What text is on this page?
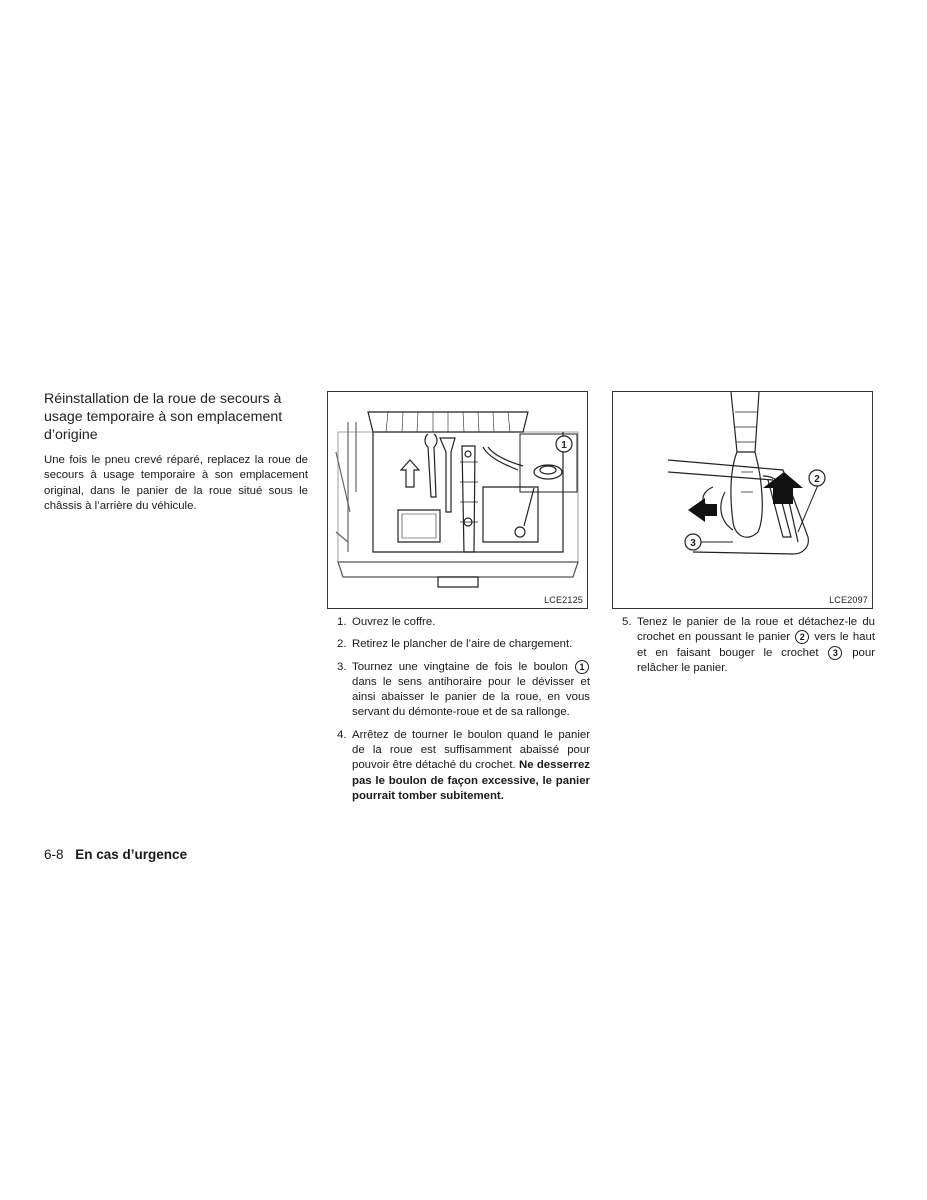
Réinstallation de la roue de secours à usage temporaire à son emplacement d’origine

Une fois le pneu crevé réparé, replacez la roue de secours à usage temporaire à son emplacement original, dans le panier de la roue situé sous le châssis à l’arrière du véhicule.

1
LCE2125
1. Ouvrez le coffre.
2. Retirez le plancher de l’aire de chargement.
3. Tournez une vingtaine de fois le boulon 1 dans le sens antihoraire pour le dévisser et ainsi abaisser le panier de la roue, en vous servant du démonte-roue et de sa rallonge.
4. Arrêtez de tourner le boulon quand le panier de la roue est suffisamment abaissé pour pouvoir être détaché du crochet. Ne desserrez pas le boulon de façon excessive, le panier pourrait tomber subitement.
2
3
LCE2097
5. Tenez le panier de la roue et détachez-le du crochet en poussant le panier 2 vers le haut et en faisant bouger le crochet 3 pour relâcher le panier.
6-8 En cas d’urgence
